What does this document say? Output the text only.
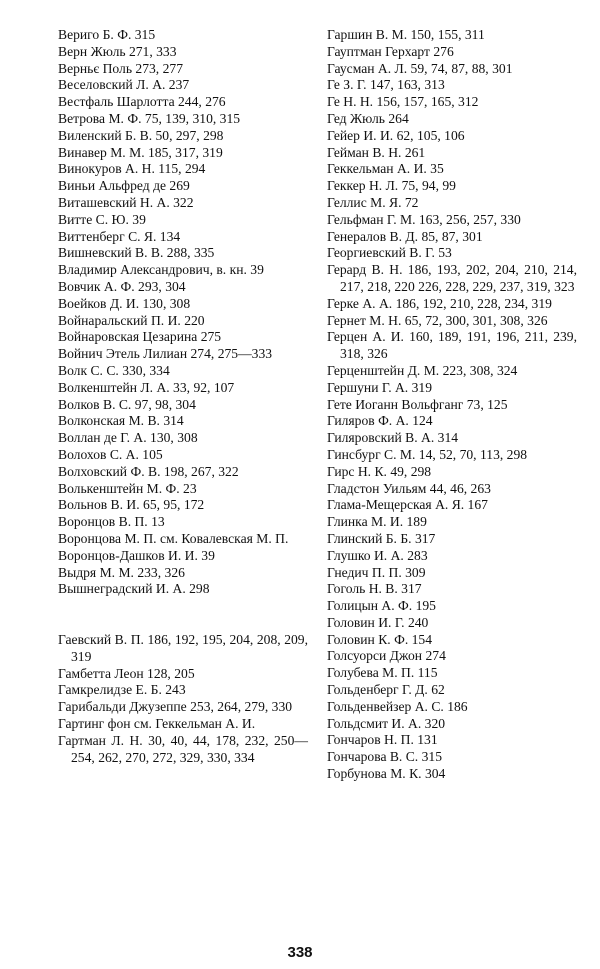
Вериго Б. Ф. 315

Верн Жюль 271, 333

Верньє Поль 273, 277

Веселовский Л. А. 237

Вестфаль Шарлотта 244, 276

Ветрова М. Ф. 75, 139, 310, 315

Виленский Б. В. 50, 297, 298

Винавер М. М. 185, 317, 319

Винокуров А. Н. 115, 294

Виньи Альфред де 269

Виташевский Н. А. 322

Витте С. Ю. 39

Виттенберг С. Я. 134

Вишневский В. В. 288, 335

Владимир Александрович, в. кн. 39

Вовчик А. Ф. 293, 304

Воейков Д. И. 130, 308

Войнаральский П. И. 220

Войнаровская Цезарина 275

Войнич Этель Лилиан 274, 275—333

Волк С. С. 330, 334

Волкенштейн Л. А. 33, 92, 107

Волков В. С. 97, 98, 304

Волконская М. В. 314

Воллан де Г. А. 130, 308

Волохов С. А. 105

Волховский Ф. В. 198, 267, 322

Волькенштейн М. Ф. 23

Вольнов В. И. 65, 95, 172

Воронцов В. П. 13

Воронцова М. П. см. Ковалевская М. П.

Воронцов-Дашков И. И. 39

Выдря М. М. 233, 326

Вышнеградский И. А. 298

Гаевский В. П. 186, 192, 195, 204, 208, 209, 319

Гамбетта Леон 128, 205

Гамкрелидзе Е. Б. 243

Гарибальди Джузеппе 253, 264, 279, 330

Гартинг фон см. Геккельман А. И.

Гартман Л. Н. 30, 40, 44, 178, 232, 250—254, 262, 270, 272, 329, 330, 334

Гаршин В. М. 150, 155, 311

Гауптман Герхарт 276

Гаусман А. Л. 59, 74, 87, 88, 301

Ге З. Г. 147, 163, 313

Ге Н. Н. 156, 157, 165, 312

Гед Жюль 264

Гейер И. И. 62, 105, 106

Гейман В. Н. 261

Геккельман А. И. 35

Геккер Н. Л. 75, 94, 99

Геллис М. Я. 72

Гельфман Г. М. 163, 256, 257, 330

Генералов В. Д. 85, 87, 301

Георгиевский В. Г. 53

Герард В. Н. 186, 193, 202, 204, 210, 214, 217, 218, 220 226, 228, 229, 237, 319, 323

Герке А. А. 186, 192, 210, 228, 234, 319

Гернет М. Н. 65, 72, 300, 301, 308, 326

Герцен А. И. 160, 189, 191, 196, 211, 239, 318, 326

Герценштейн Д. М. 223, 308, 324

Гершуни Г. А. 319

Гете Иоганн Вольфганг 73, 125

Гиляров Ф. А. 124

Гиляровский В. А. 314

Гинсбург С. М. 14, 52, 70, 113, 298

Гирс Н. К. 49, 298

Гладстон Уильям 44, 46, 263

Глама-Мещерская А. Я. 167

Глинка М. И. 189

Глинский Б. Б. 317

Глушко И. А. 283

Гнедич П. П. 309

Гоголь Н. В. 317

Голицын А. Ф. 195

Головин И. Г. 240

Головин К. Ф. 154

Голсуорси Джон 274

Голубева М. П. 115

Гольденберг Г. Д. 62

Гольденвейзер А. С. 186

Гольдсмит И. А. 320

Гончаров Н. П. 131

Гончарова В. С. 315

Горбунова М. К. 304

338
